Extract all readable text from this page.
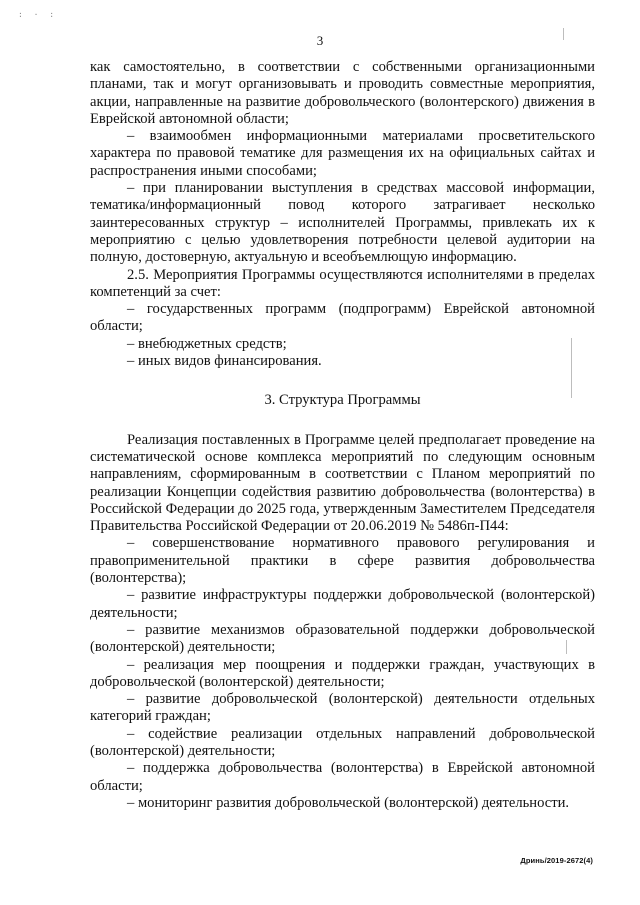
: · :
3

как самостоятельно, в соответствии с собственными организационными планами, так и могут организовывать и проводить совместные мероприятия, акции, направленные на развитие добровольческого (волонтерского) движения в Еврейской автономной области;

– взаимообмен информационными материалами просветительского характера по правовой тематике для размещения их на официальных сайтах и распространения иными способами;

– при планировании выступления в средствах массовой информации, тематика/информационный повод которого затрагивает несколько заинтересованных структур – исполнителей Программы, привлекать их к мероприятию с целью удовлетворения потребности целевой аудитории на полную, достоверную, актуальную и всеобъемлющую информацию.

2.5. Мероприятия Программы осуществляются исполнителями в пределах компетенций за счет:

– государственных программ (подпрограмм) Еврейской автономной области;

– внебюджетных средств;

– иных видов финансирования.

3. Структура Программы

Реализация поставленных в Программе целей предполагает проведение на систематической основе комплекса мероприятий по следующим основным направлениям, сформированным в соответствии с Планом мероприятий по реализации Концепции содействия развитию добровольчества (волонтерства) в Российской Федерации до 2025 года, утвержденным Заместителем Председателя Правительства Российской Федерации от 20.06.2019 № 5486п-П44:

– совершенствование нормативного правового регулирования и правоприменительной практики в сфере развития добровольчества (волонтерства);

– развитие инфраструктуры поддержки добровольческой (волонтерской) деятельности;

– развитие механизмов образовательной поддержки добровольческой (волонтерской) деятельности;

– реализация мер поощрения и поддержки граждан, участвующих в добровольческой (волонтерской) деятельности;

– развитие добровольческой (волонтерской) деятельности отдельных категорий граждан;

– содействие реализации отдельных направлений добровольческой (волонтерской) деятельности;

– поддержка добровольчества (волонтерства) в Еврейской автономной области;

– мониторинг развития добровольческой (волонтерской) деятельности.

Дринь/2019-2672(4)
